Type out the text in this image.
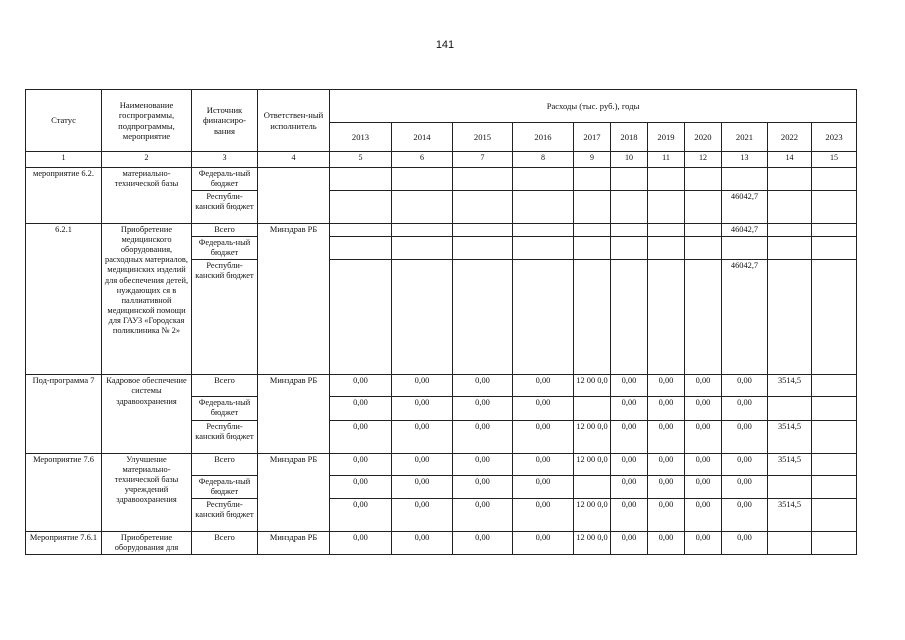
141
Статус	Наименование госпрограммы, подпрограммы, мероприятие	Источник финансиро-вания	Ответствен-ный исполнитель	Расходы (тыс. руб.), годы										
				2013	2014	2015	2016	2017	2018	2019	2020	2021	2022	2023
1	2	3	4	5	6	7	8	9	10	11	12	13	14	15
мероприятие 6.2.	материально-технической базы	Федераль-ный бюджет												
		Республи-канский бюджет										46042,7		
6.2.1	Приобретение медицинского оборудования, расходных материалов, медицинских изделий для обеспечения детей, нуждающих ся в паллиативной медицинской помощи для ГАУЗ «Городская поликлиника № 2»	Всего	Минздрав РБ									46042,7		
		Федераль-ный бюджет												
		Республи-канский бюджет										46042,7		
Под-программа 7	Кадровое обеспечение системы здравоохранения	Всего	Минздрав РБ	0,00	0,00	0,00	0,00	12 00 0,0	0,00	0,00	0,00	0,00	3514,5	
		Федераль-ный бюджет		0,00	0,00	0,00	0,00		0,00	0,00	0,00	0,00		
		Республи-канский бюджет		0,00	0,00	0,00	0,00	12 00 0,0	0,00	0,00	0,00	0,00	3514,5	
Мероприятие 7.6	Улучшение материально-технической базы учреждений здравоохранения	Всего	Минздрав РБ	0,00	0,00	0,00	0,00	12 00 0,0	0,00	0,00	0,00	0,00	3514,5	
		Федераль-ный бюджет		0,00	0,00	0,00	0,00		0,00	0,00	0,00	0,00		
		Республи-канский бюджет		0,00	0,00	0,00	0,00	12 00 0,0	0,00	0,00	0,00	0,00	3514,5	
Мероприятие 7.6.1	Приобретение оборудования для	Всего	Минздрав РБ	0,00	0,00	0,00	0,00	12 00 0,0	0,00	0,00	0,00	0,00		
